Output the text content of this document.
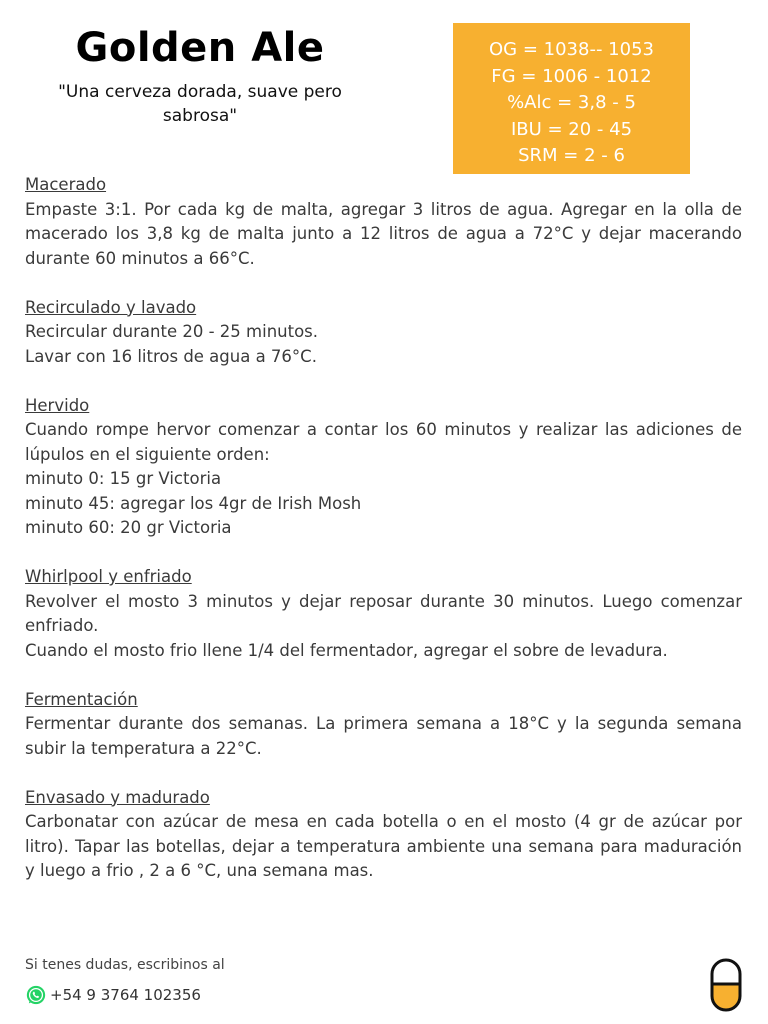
Golden Ale
"Una cerveza dorada, suave pero sabrosa"
OG = 1038-- 1053
FG = 1006 - 1012
%Alc = 3,8 - 5
IBU = 20 - 45
SRM = 2 - 6
Macerado

Empaste 3:1. Por cada kg de malta, agregar 3 litros de agua. Agregar en la olla de macerado los 3,8 kg de malta junto a 12 litros de agua a 72°C y dejar macerando durante 60 minutos a 66°C.

Recirculado y lavado

Recircular durante 20 - 25 minutos.

Lavar con 16 litros de agua a 76°C.

Hervido

Cuando rompe hervor comenzar a contar los 60 minutos y realizar las adiciones de lúpulos en el siguiente orden:

minuto 0: 15 gr Victoria

minuto 45: agregar los 4gr de Irish Mosh

minuto 60: 20 gr Victoria

Whirlpool y enfriado

Revolver el mosto 3 minutos y dejar reposar durante 30 minutos. Luego comenzar enfriado.

Cuando el mosto frio llene 1/4 del fermentador, agregar el sobre de levadura.

Fermentación

Fermentar durante dos semanas. La primera semana a 18°C y la segunda semana subir la temperatura a 22°C.

Envasado y madurado

Carbonatar con azúcar de mesa en cada botella o en el mosto (4 gr de azúcar por litro). Tapar las botellas, dejar a temperatura ambiente una semana para maduración y luego a frio , 2 a 6 °C, una semana mas.

Si tenes dudas, escribinos al
+54 9 3764 102356
